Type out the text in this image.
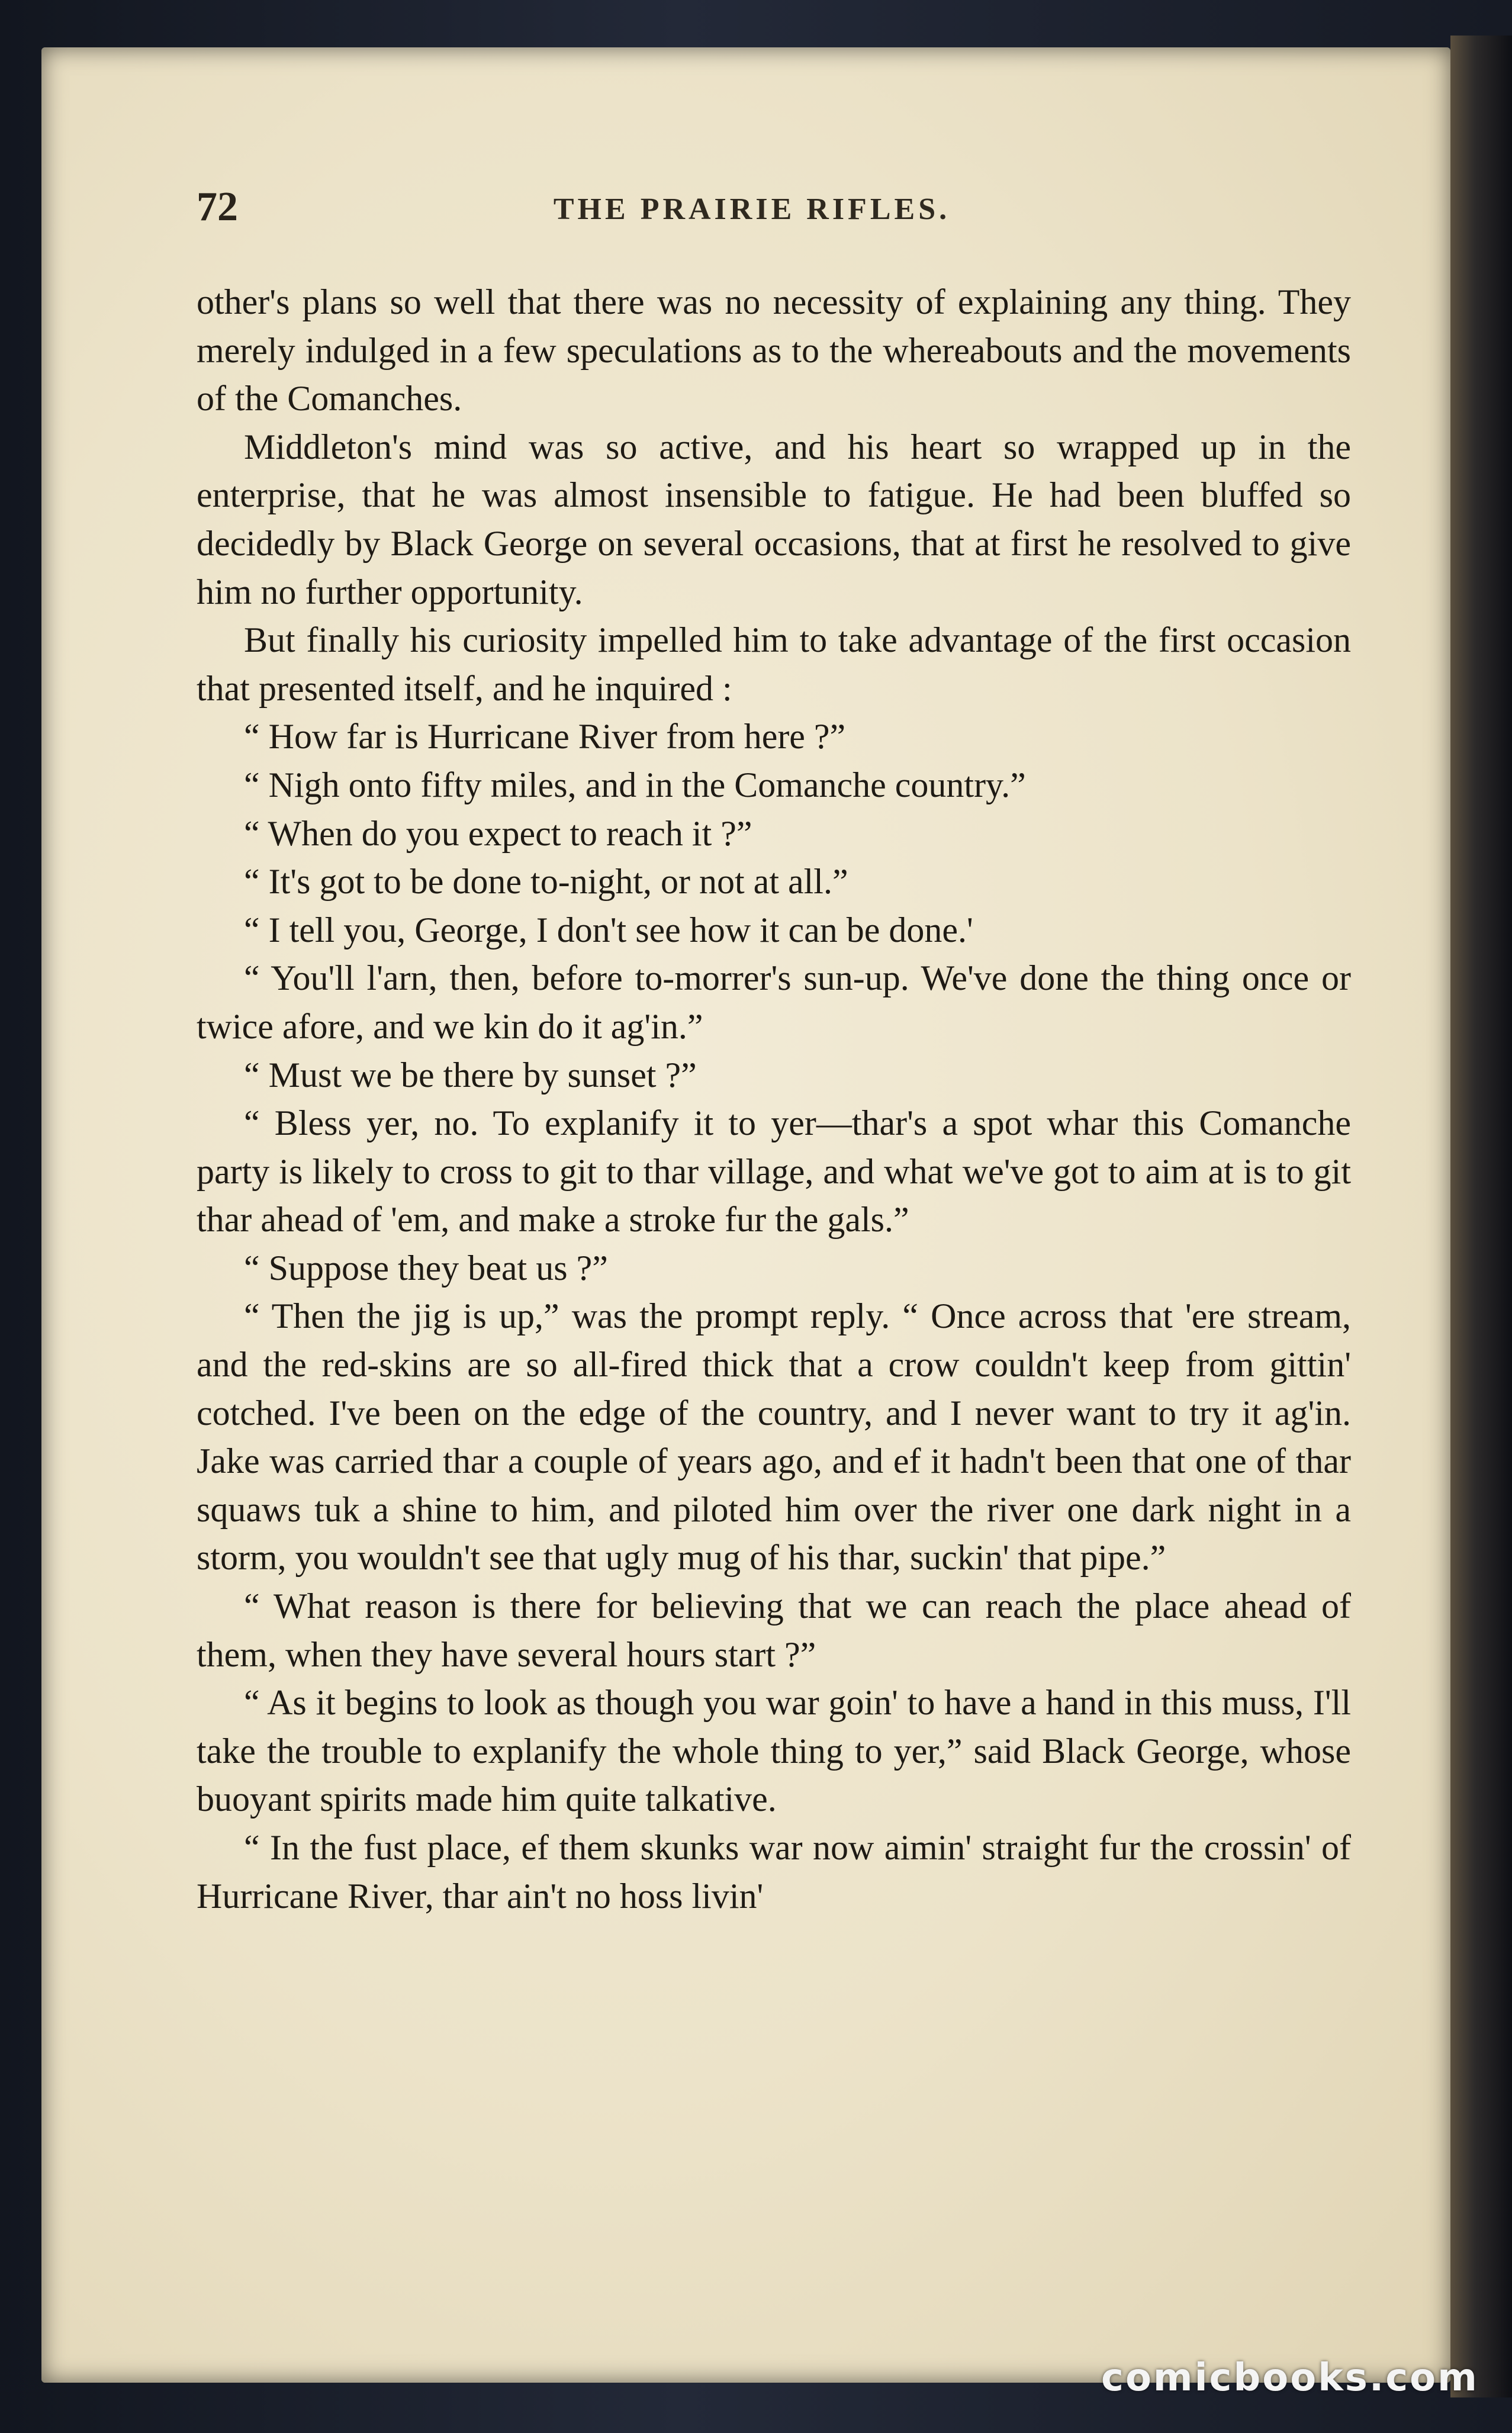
72	THE PRAIRIE RIFLES.

other's plans so well that there was no necessity of explaining any thing. They merely indulged in a few speculations as to the whereabouts and the movements of the Comanches.

Middleton's mind was so active, and his heart so wrapped up in the enterprise, that he was almost insensible to fatigue. He had been bluffed so decidedly by Black George on several occasions, that at first he resolved to give him no further opportunity.

But finally his curiosity impelled him to take advantage of the first occasion that presented itself, and he inquired :

“ How far is Hurricane River from here ?”

“ Nigh onto fifty miles, and in the Comanche country.”

“ When do you expect to reach it ?”

“ It's got to be done to-night, or not at all.”

“ I tell you, George, I don't see how it can be done.'

“ You'll l'arn, then, before to-morrer's sun-up. We've done the thing once or twice afore, and we kin do it ag'in.”

“ Must we be there by sunset ?”

“ Bless yer, no. To explanify it to yer—thar's a spot whar this Comanche party is likely to cross to git to thar village, and what we've got to aim at is to git thar ahead of 'em, and make a stroke fur the gals.”

“ Suppose they beat us ?”

“ Then the jig is up,” was the prompt reply. “ Once across that 'ere stream, and the red-skins are so all-fired thick that a crow couldn't keep from gittin' cotched. I've been on the edge of the country, and I never want to try it ag'in. Jake was carried thar a couple of years ago, and ef it hadn't been that one of thar squaws tuk a shine to him, and piloted him over the river one dark night in a storm, you wouldn't see that ugly mug of his thar, suckin' that pipe.”

“ What reason is there for believing that we can reach the place ahead of them, when they have several hours start ?”

“ As it begins to look as though you war goin' to have a hand in this muss, I'll take the trouble to explanify the whole thing to yer,” said Black George, whose buoyant spirits made him quite talkative.

“ In the fust place, ef them skunks war now aimin' straight fur the crossin' of Hurricane River, thar ain't no hoss livin'

comicbooks.com
